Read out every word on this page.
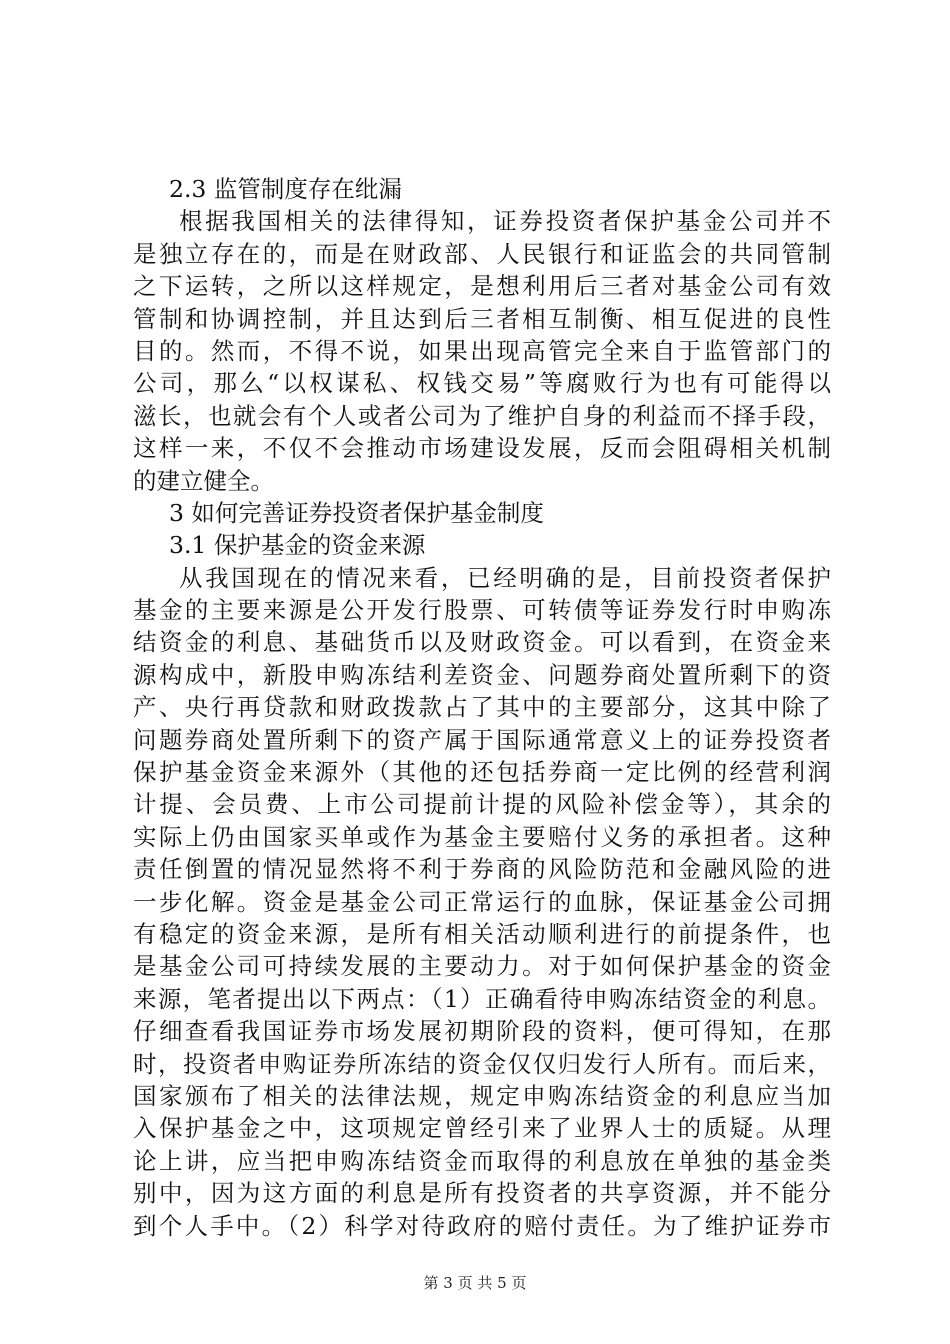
2.3 监管制度存在纰漏
根据我国相关的法律得知，证券投资者保护基金公司并不
是独立存在的，而是在财政部、人民银行和证监会的共同管制
之下运转，之所以这样规定，是想利用后三者对基金公司有效
管制和协调控制，并且达到后三者相互制衡、相互促进的良性
目的。然而，不得不说，如果出现高管完全来自于监管部门的
公司，那么“以权谋私、权钱交易”等腐败行为也有可能得以
滋长，也就会有个人或者公司为了维护自身的利益而不择手段，
这样一来，不仅不会推动市场建设发展，反而会阻碍相关机制
的建立健全。
3 如何完善证券投资者保护基金制度
3.1 保护基金的资金来源
从我国现在的情况来看，已经明确的是，目前投资者保护
基金的主要来源是公开发行股票、可转债等证券发行时申购冻
结资金的利息、基础货币以及财政资金。可以看到，在资金来
源构成中，新股申购冻结利差资金、问题券商处置所剩下的资
产、央行再贷款和财政拨款占了其中的主要部分，这其中除了
问题券商处置所剩下的资产属于国际通常意义上的证券投资者
保护基金资金来源外（其他的还包括券商一定比例的经营利润
计提、会员费、上市公司提前计提的风险补偿金等），其余的
实际上仍由国家买单或作为基金主要赔付义务的承担者。这种
责任倒置的情况显然将不利于券商的风险防范和金融风险的进
一步化解。资金是基金公司正常运行的血脉，保证基金公司拥
有稳定的资金来源，是所有相关活动顺利进行的前提条件，也
是基金公司可持续发展的主要动力。对于如何保护基金的资金
来源，笔者提出以下两点：（1）正确看待申购冻结资金的利息。
仔细查看我国证券市场发展初期阶段的资料，便可得知，在那
时，投资者申购证券所冻结的资金仅仅归发行人所有。而后来，
国家颁布了相关的法律法规，规定申购冻结资金的利息应当加
入保护基金之中，这项规定曾经引来了业界人士的质疑。从理
论上讲，应当把申购冻结资金而取得的利息放在单独的基金类
别中，因为这方面的利息是所有投资者的共享资源，并不能分
到个人手中。（2）科学对待政府的赔付责任。为了维护证券市
第 3 页 共 5 页
